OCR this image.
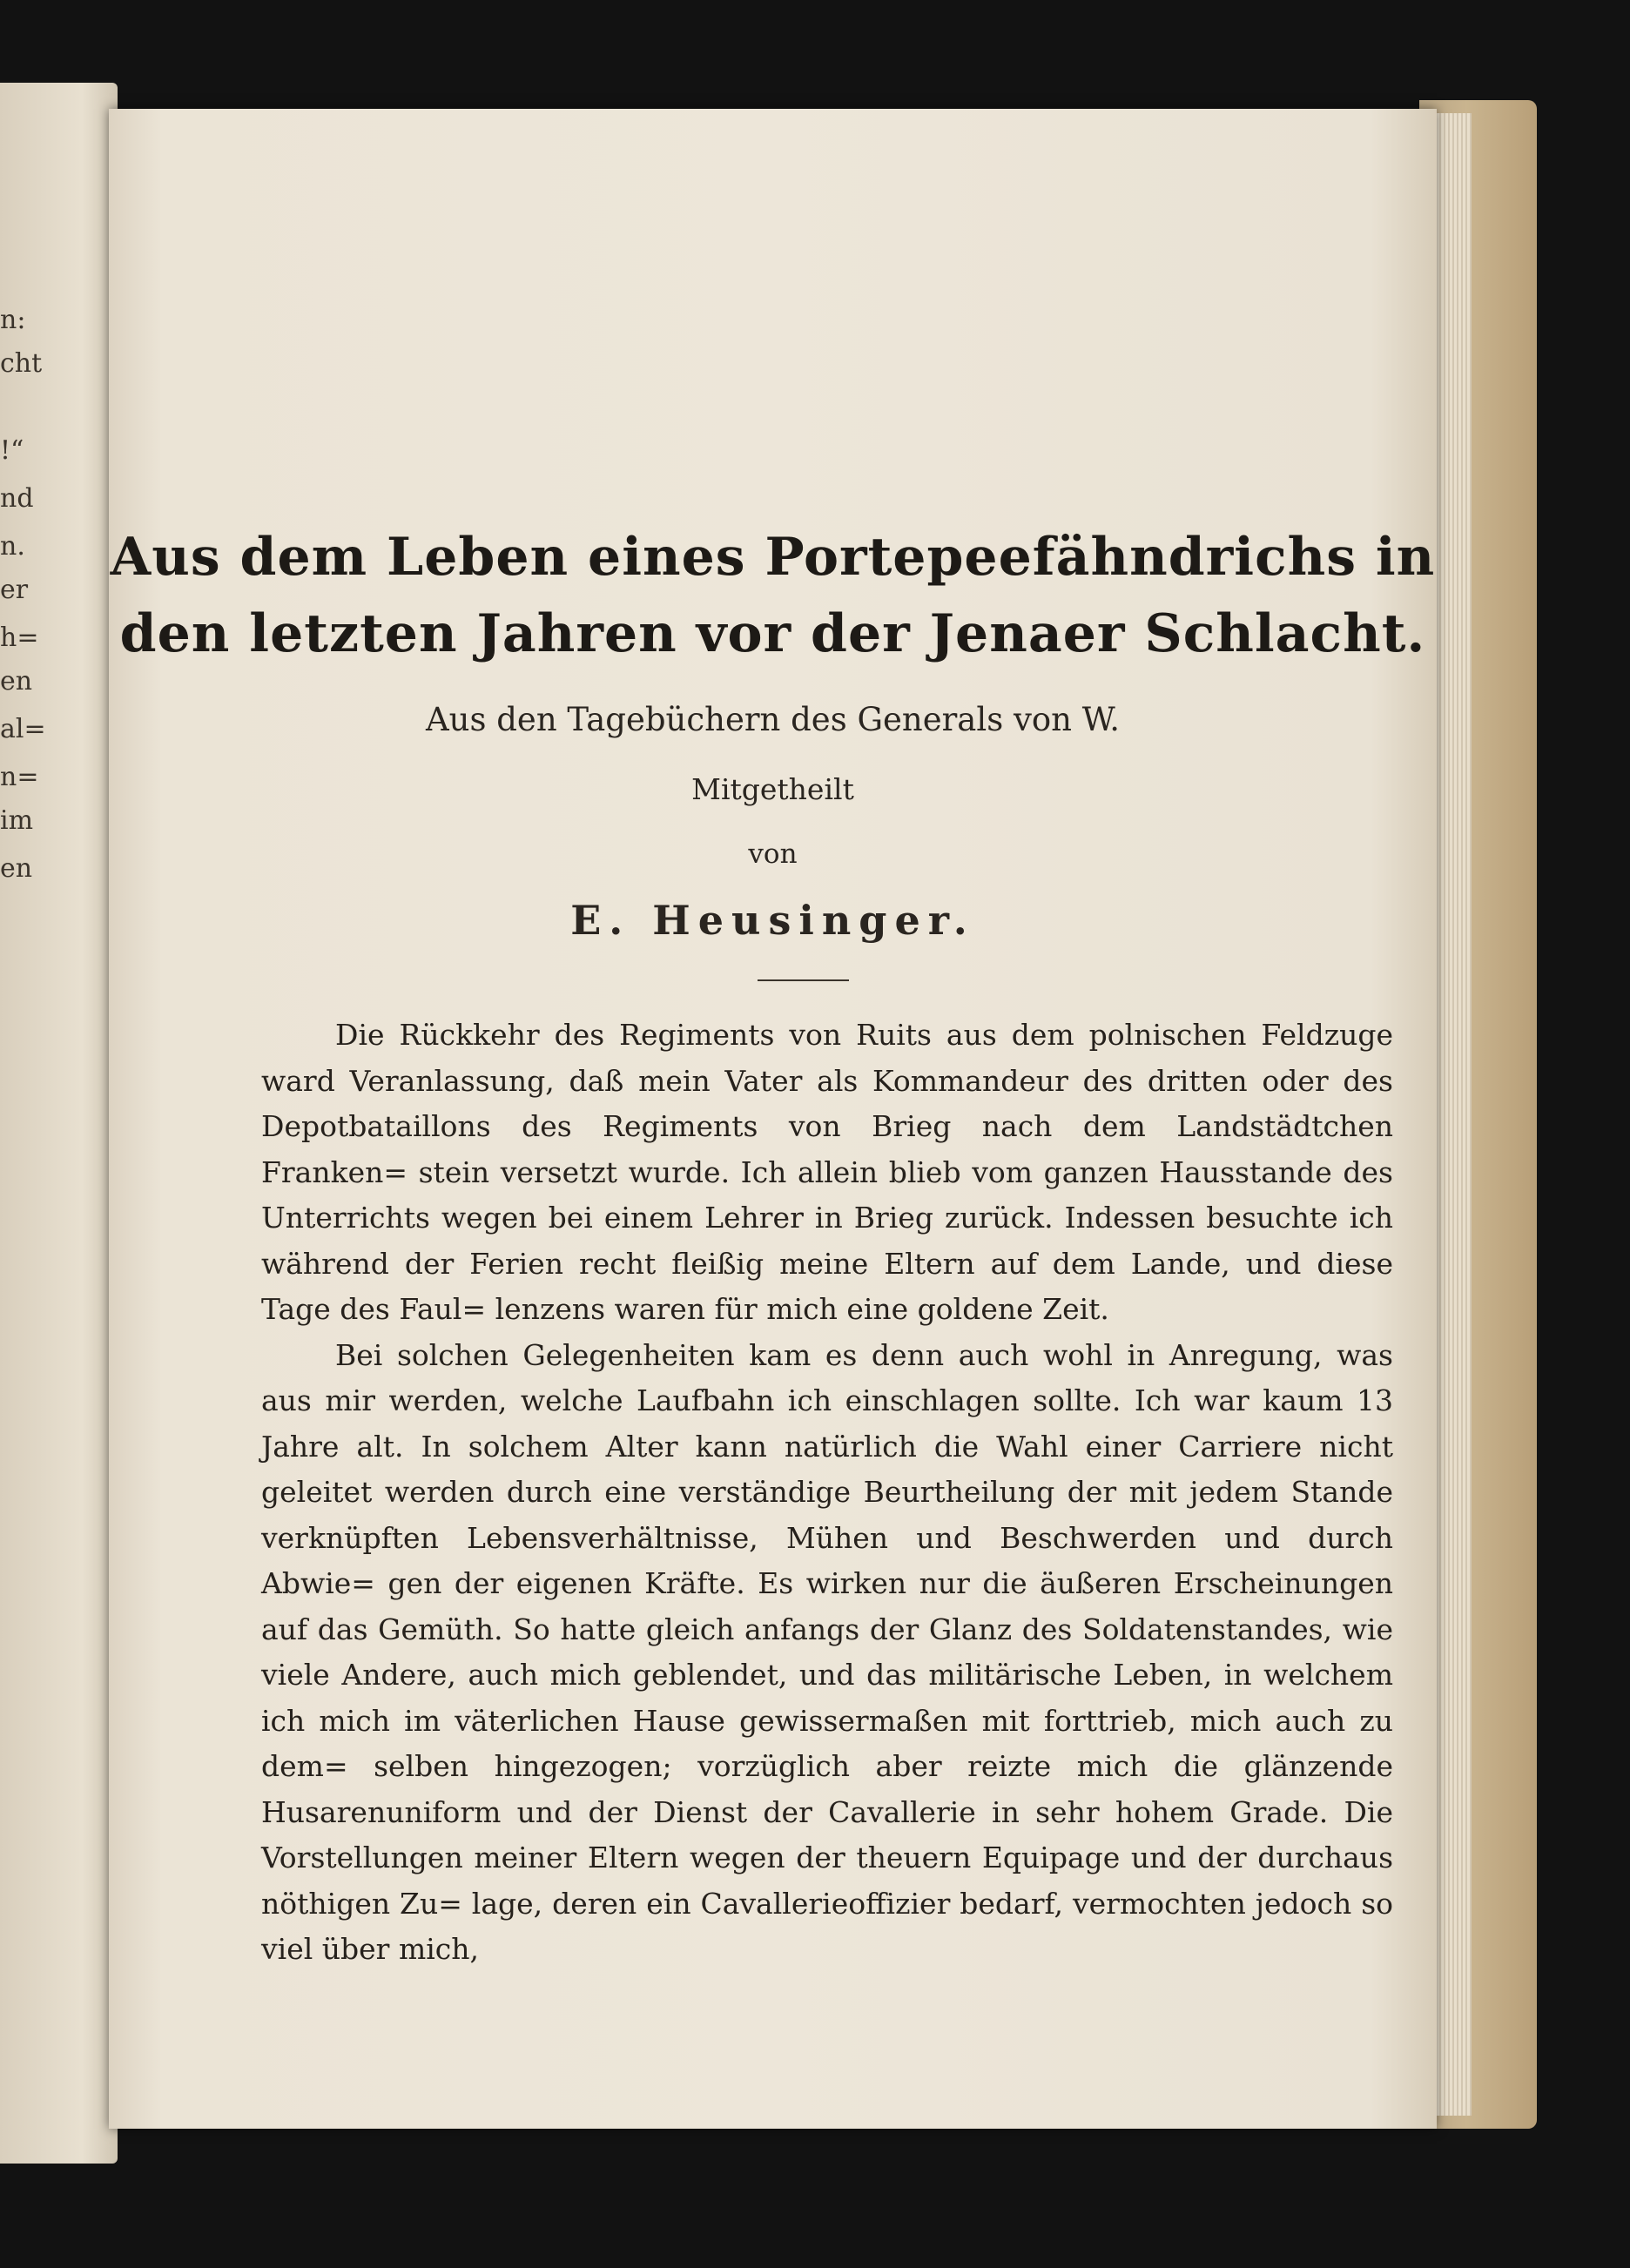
n:
cht
!“
nd
n.
er
h=
en
al=
n=
im
en
Aus dem Leben eines Portepeefähndrichs in
den letzten Jahren vor der Jenaer Schlacht.

Aus den Tagebüchern des Generals von W.

Mitgetheilt

von

E. Heusinger.

Die Rückkehr des Regiments von Ruits aus dem polnischen Feldzuge ward Veranlassung, daß mein Vater als Kommandeur des dritten oder des Depotbataillons des Regiments von Brieg nach dem Landstädtchen Franken= stein versetzt wurde. Ich allein blieb vom ganzen Hausstande des Unterrichts wegen bei einem Lehrer in Brieg zurück. Indessen besuchte ich während der Ferien recht fleißig meine Eltern auf dem Lande, und diese Tage des Faul= lenzens waren für mich eine goldene Zeit.

Bei solchen Gelegenheiten kam es denn auch wohl in Anregung, was aus mir werden, welche Laufbahn ich einschlagen sollte. Ich war kaum 13 Jahre alt. In solchem Alter kann natürlich die Wahl einer Carriere nicht geleitet werden durch eine verständige Beurtheilung der mit jedem Stande verknüpften Lebensverhältnisse, Mühen und Beschwerden und durch Abwie= gen der eigenen Kräfte. Es wirken nur die äußeren Erscheinungen auf das Gemüth. So hatte gleich anfangs der Glanz des Soldatenstandes, wie viele Andere, auch mich geblendet, und das militärische Leben, in welchem ich mich im väterlichen Hause gewissermaßen mit forttrieb, mich auch zu dem= selben hingezogen; vorzüglich aber reizte mich die glänzende Husarenuniform und der Dienst der Cavallerie in sehr hohem Grade. Die Vorstellungen meiner Eltern wegen der theuern Equipage und der durchaus nöthigen Zu= lage, deren ein Cavallerieoffizier bedarf, vermochten jedoch so viel über mich,
